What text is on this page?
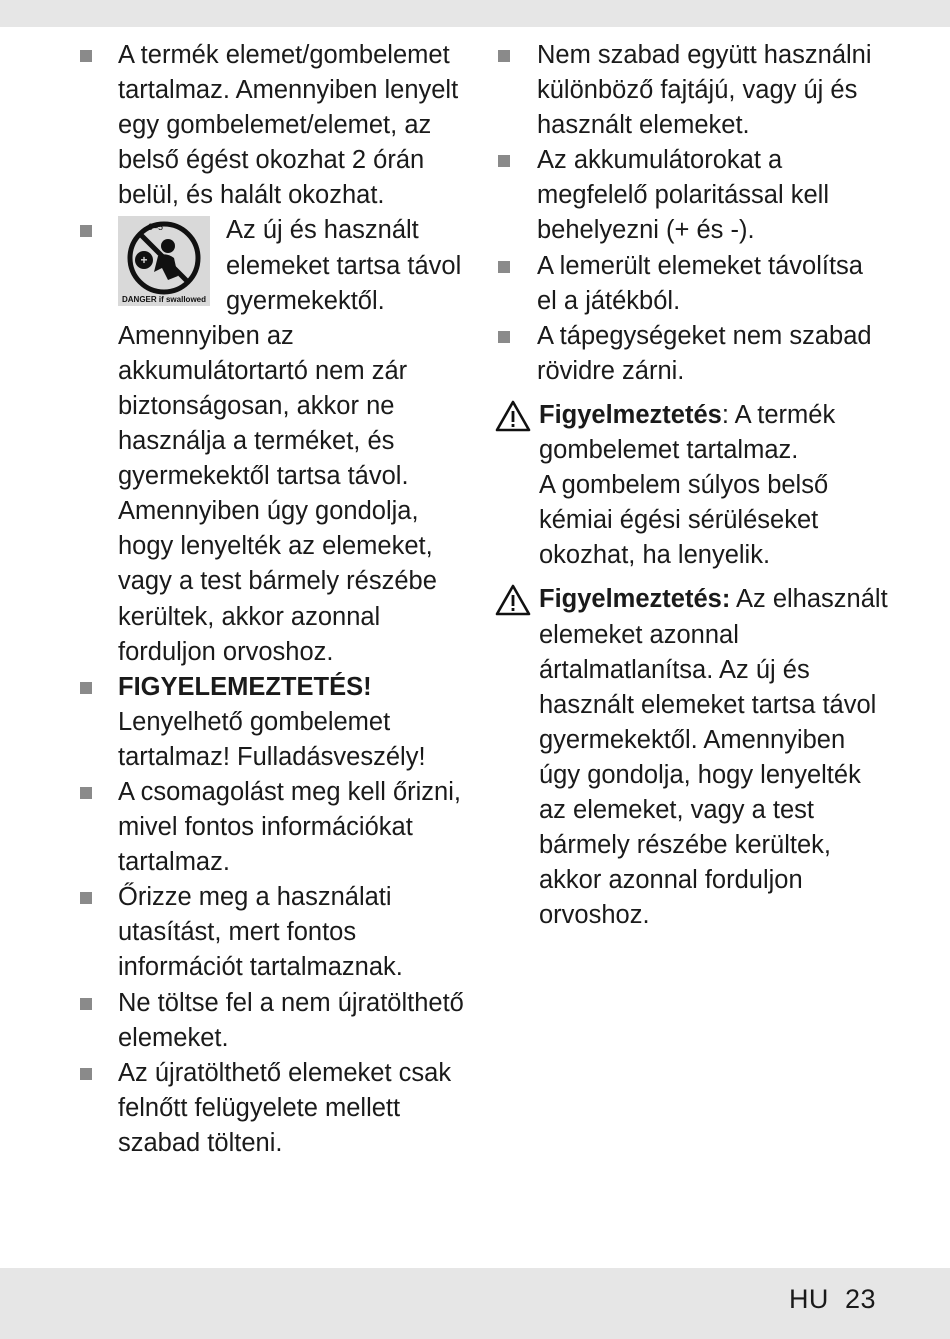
A termék elemet/gombelemet tartalmaz. Amennyiben lenyelt egy gombelemet/elemet, az belső égést okozhat 2 órán belül, és halált okozhat.

+
0–5
DANGER if swallowed
Az új és használt elemeket tartsa távol gyermekektől. Amennyiben az akkumulátortartó nem zár biztonságosan, akkor ne használja a terméket, és gyermekektől tartsa távol. Amennyiben úgy gondolja, hogy lenyelték az elemeket, vagy a test bármely részébe kerültek, akkor azonnal forduljon orvoshoz.

FIGYELEMEZTETÉS!
Lenyelhető gombelemet tartalmaz! Fulladásveszély!

A csomagolást meg kell őrizni, mivel fontos információkat tartalmaz.

Őrizze meg a használati utasítást, mert fontos információt tartalmaznak.

Ne töltse fel a nem újratölthető elemeket.

Az újratölthető elemeket csak felnőtt felügyelete mellett szabad tölteni.

Nem szabad együtt használni különböző fajtájú, vagy új és használt elemeket.

Az akkumulátorokat a megfelelő polaritással kell behelyezni (+ és -).

A lemerült elemeket távolítsa el a játékból.

A tápegységeket nem szabad rövidre zárni.

Figyelmeztetés: A termék gombelemet tartalmaz.
A gombelem súlyos belső kémiai égési sérüléseket okozhat, ha lenyelik.

Figyelmeztetés: Az elhasznált elemeket azonnal ártalmatlanítsa. Az új és használt elemeket tartsa távol gyermekektől. Amennyiben úgy gondolja, hogy lenyelték az elemeket, vagy a test bármely részébe kerültek, akkor azonnal forduljon orvoshoz.

HU 23
